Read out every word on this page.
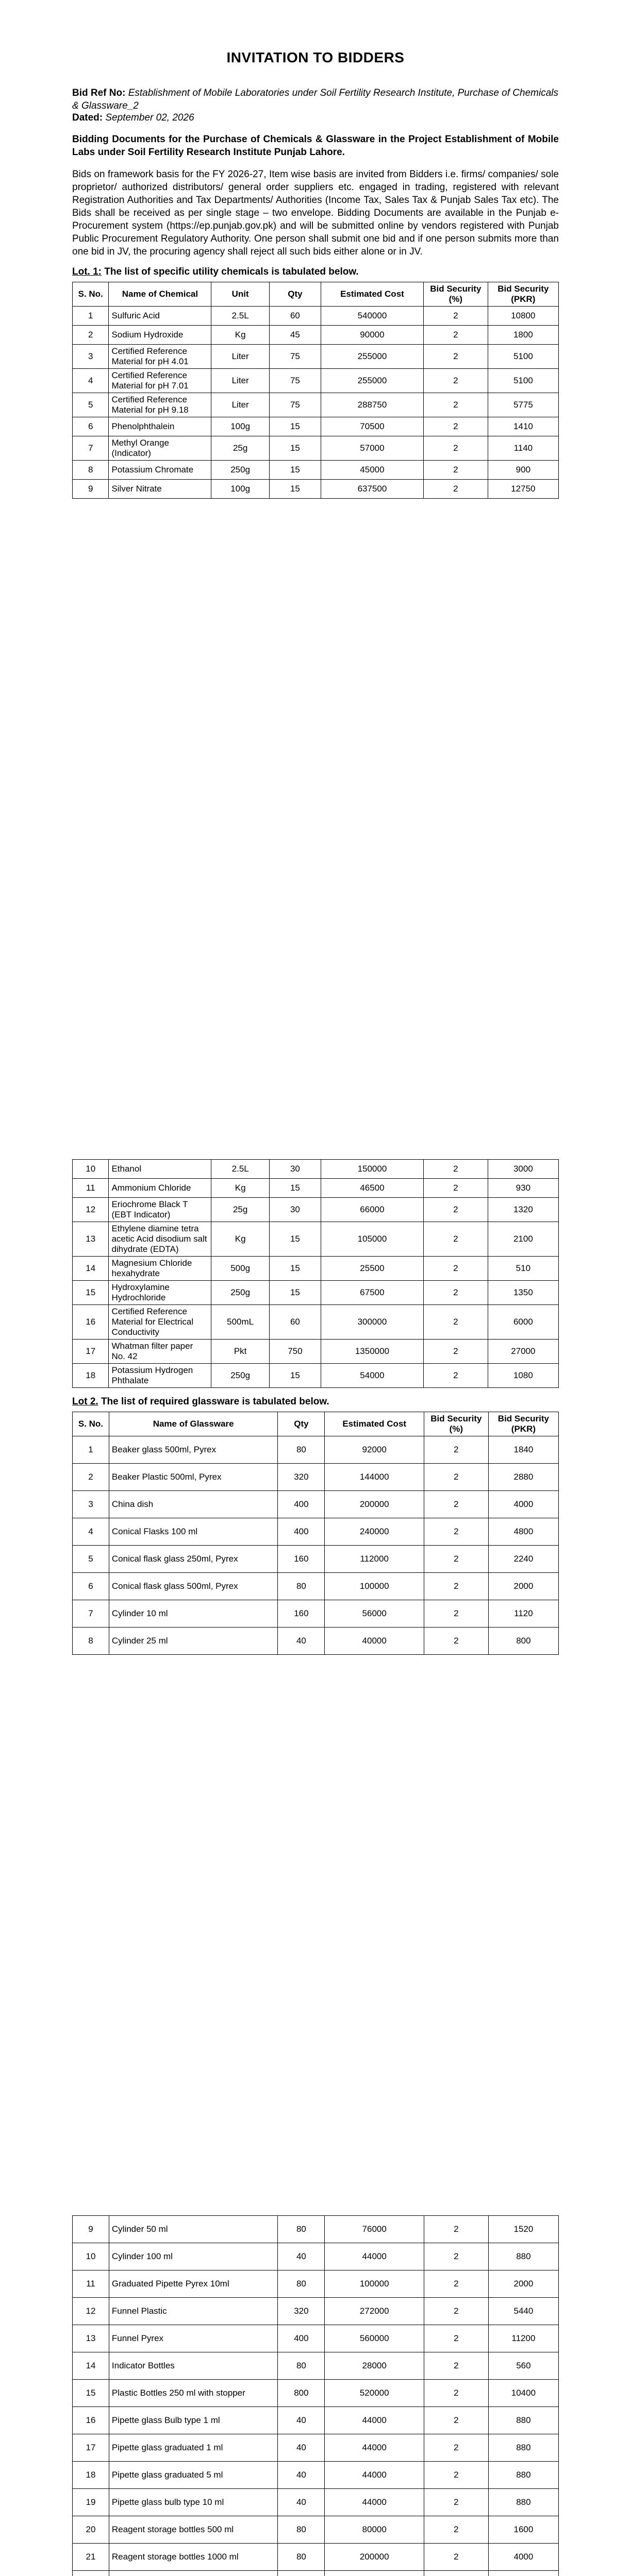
INVITATION TO BIDDERS

Bid Ref No: Establishment of Mobile Laboratories under Soil Fertility Research Institute, Purchase of Chemicals & Glassware_2

Dated: September 02, 2026

Bidding Documents for the Purchase of Chemicals & Glassware in the Project Establishment of Mobile Labs under Soil Fertility Research Institute Punjab Lahore.

Bids on framework basis for the FY 2026-27, Item wise basis are invited from Bidders i.e. firms/ companies/ sole proprietor/ authorized distributors/ general order suppliers etc. engaged in trading, registered with relevant Registration Authorities and Tax Departments/ Authorities (Income Tax, Sales Tax & Punjab Sales Tax etc). The Bids shall be received as per single stage – two envelope. Bidding Documents are available in the Punjab e-Procurement system (https://ep.punjab.gov.pk) and will be submitted online by vendors registered with Punjab Public Procurement Regulatory Authority. One person shall submit one bid and if one person submits more than one bid in JV, the procuring agency shall reject all such bids either alone or in JV.

Lot. 1: The list of specific utility chemicals is tabulated below.

S. No.	Name of Chemical	Unit	Qty	Estimated Cost	Bid Security (%)	Bid Security (PKR)
1	Sulfuric Acid	2.5L	60	540000	2	10800
2	Sodium Hydroxide	Kg	45	90000	2	1800
3	Certified Reference Material for pH 4.01	Liter	75	255000	2	5100
4	Certified Reference Material for pH 7.01	Liter	75	255000	2	5100
5	Certified Reference Material for pH 9.18	Liter	75	288750	2	5775
6	Phenolphthalein	100g	15	70500	2	1410
7	Methyl Orange (Indicator)	25g	15	57000	2	1140
8	Potassium Chromate	250g	15	45000	2	900
9	Silver Nitrate	100g	15	637500	2	12750
10	Ethanol	2.5L	30	150000	2	3000
11	Ammonium Chloride	Kg	15	46500	2	930
12	Eriochrome Black T (EBT Indicator)	25g	30	66000	2	1320
13	Ethylene diamine tetra acetic Acid disodium salt dihydrate (EDTA)	Kg	15	105000	2	2100
14	Magnesium Chloride hexahydrate	500g	15	25500	2	510
15	Hydroxylamine Hydrochloride	250g	15	67500	2	1350
16	Certified Reference Material for Electrical Conductivity	500mL	60	300000	2	6000
17	Whatman filter paper No. 42	Pkt	750	1350000	2	27000
18	Potassium Hydrogen Phthalate	250g	15	54000	2	1080

Lot 2. The list of required glassware is tabulated below.

S. No.	Name of Glassware	Qty	Estimated Cost	Bid Security (%)	Bid Security (PKR)
1	Beaker glass 500ml, Pyrex	80	92000	2	1840
2	Beaker Plastic 500ml, Pyrex	320	144000	2	2880
3	China dish	400	200000	2	4000
4	Conical Flasks 100 ml	400	240000	2	4800
5	Conical flask glass 250ml, Pyrex	160	112000	2	2240
6	Conical flask glass 500ml, Pyrex	80	100000	2	2000
7	Cylinder 10 ml	160	56000	2	1120
8	Cylinder 25 ml	40	40000	2	800
9	Cylinder 50 ml	80	76000	2	1520
10	Cylinder 100 ml	40	44000	2	880
11	Graduated Pipette Pyrex 10ml	80	100000	2	2000
12	Funnel Plastic	320	272000	2	5440
13	Funnel Pyrex	400	560000	2	11200
14	Indicator Bottles	80	28000	2	560
15	Plastic Bottles 250 ml with stopper	800	520000	2	10400
16	Pipette glass Bulb type 1 ml	40	44000	2	880
17	Pipette glass graduated 1 ml	40	44000	2	880
18	Pipette glass graduated 5 ml	40	44000	2	880
19	Pipette glass bulb type 10 ml	40	44000	2	880
20	Reagent storage bottles 500 ml	80	80000	2	1600
21	Reagent storage bottles 1000 ml	80	200000	2	4000
